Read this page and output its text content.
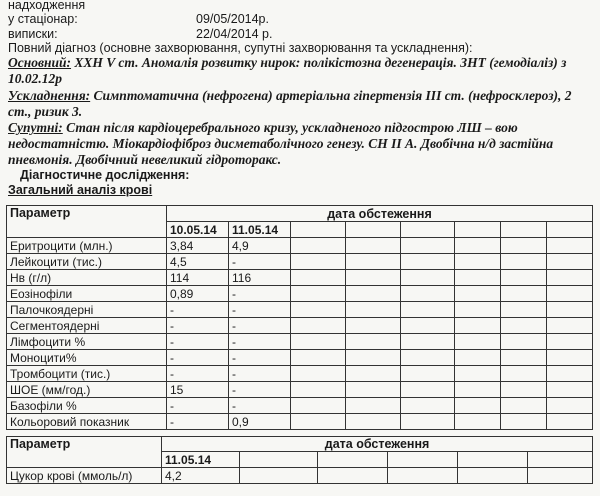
надходження
у стаціонар:	09/05/2014р.
виписки:	22/04/2014 р.
Повний діагноз (основне захворювання, супутні захворювання та ускладнення):
Основний: ХХН V ст. Аномалія розвитку нирок: полікістозна дегенерація. ЗНТ (гемодіаліз) з
10.02.12р
Ускладнення: Симптоматична (нефрогена) артеріальна гіпертензія ІІІ ст. (нефросклероз), 2
ст., ризик 3.
Супутні: Стан після кардіоцеребрального кризу, ускладненого підгострою ЛШ – вою
недостатністю. Міокардіофіброз дисметаболічного генезу. СН ІІ А. Двобічна н/д застійна
пневмонія. Двобічний невеликий гідроторакс.
Діагностичне дослідження:
Загальний аналіз крові
Параметр	дата обстеження							
	10.05.14	11.05.14						
Еритроцити (млн.)	3,84	4,9						
Лейкоцити (тис.)	4,5	-						
Нв (г/л)	114	116						
Еозінофіли	0,89	-						
Палочкоядерні	-	-						
Сегментоядерні	-	-						
Лімфоцити %	-	-						
Моноцити%	-	-						
Тромбоцити (тис.)	-	-						
ШОЕ (мм/год.)	15	-						
Базофіли %	-	-						
Кольоровий показник	-	0,9						
Параметр	дата обстеження					
	11.05.14					
Цукор крові (ммоль/л)	4,2					
